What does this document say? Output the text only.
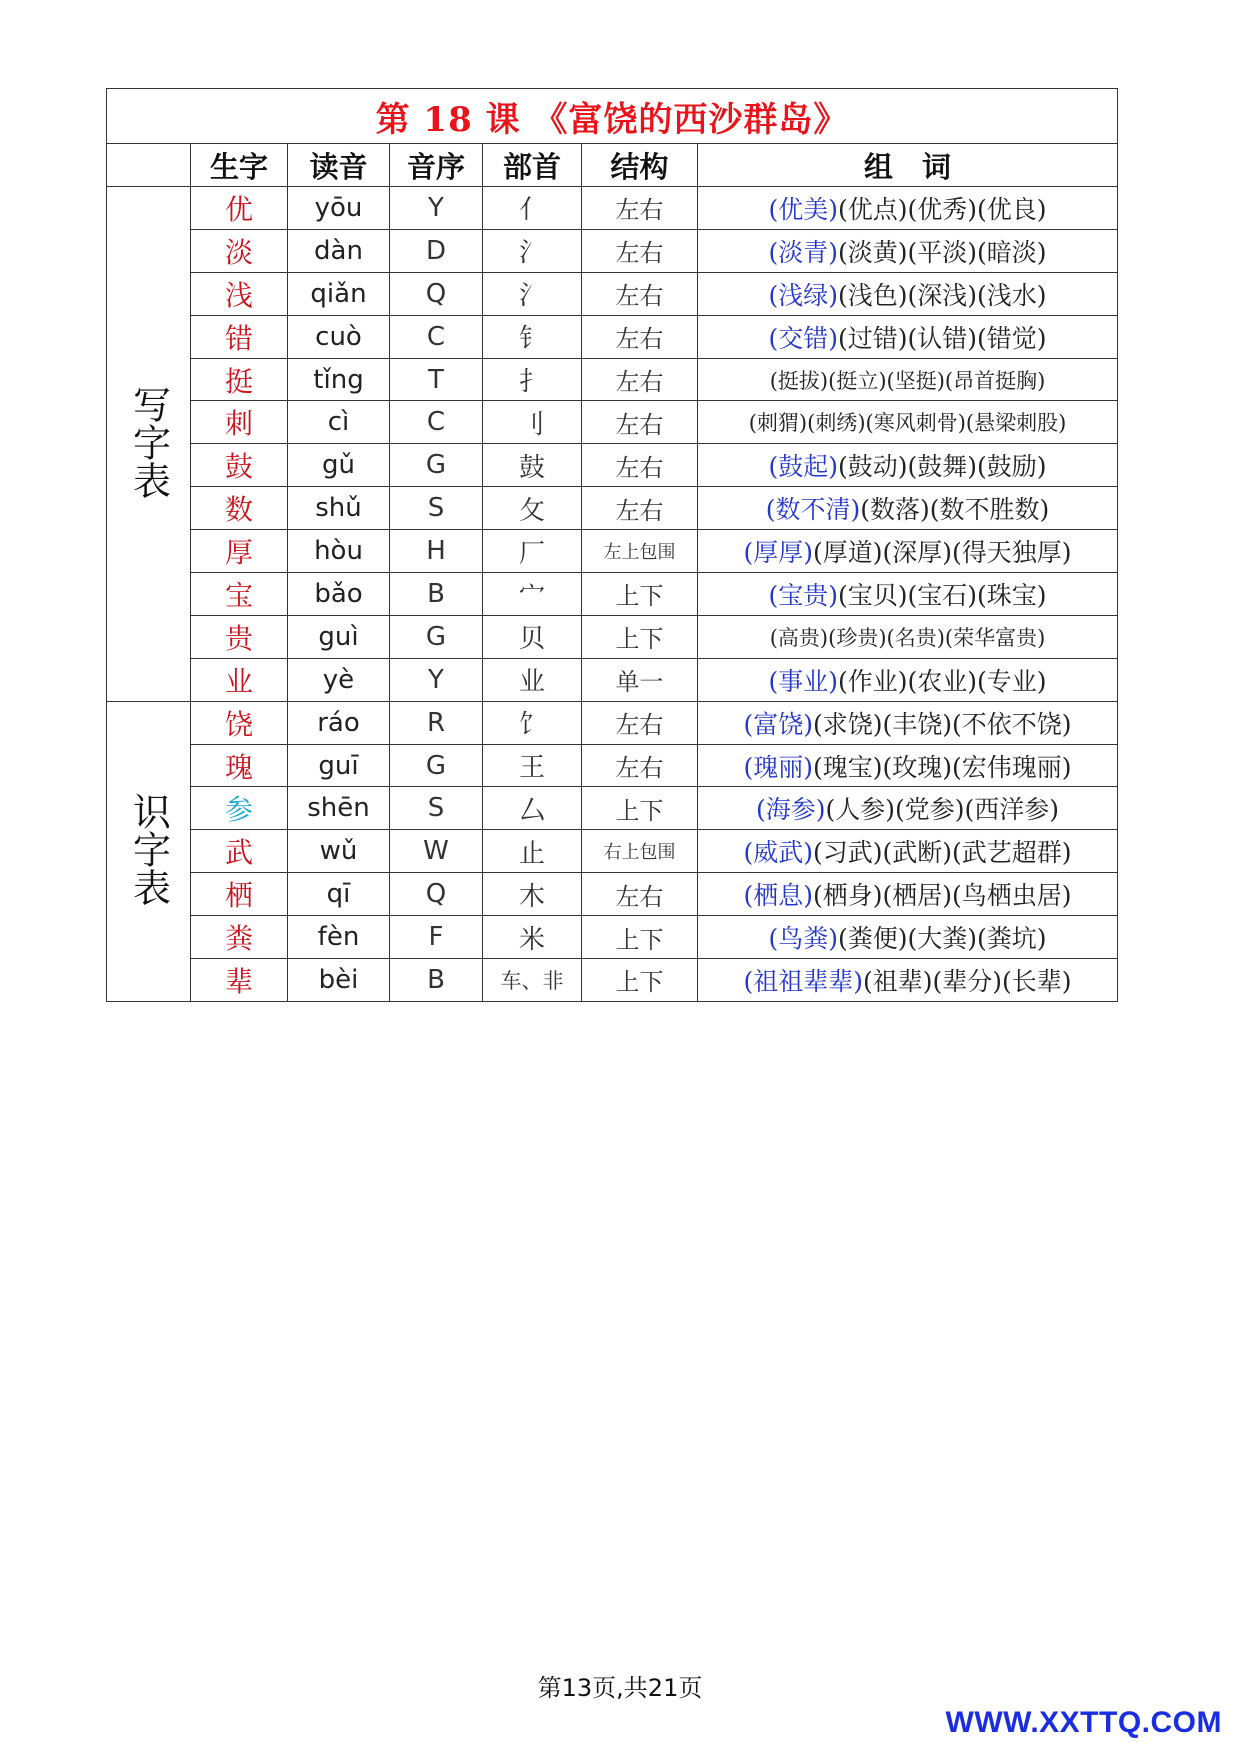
第 18 课 《富饶的西沙群岛》						
	生字	读音	音序	部首	结构	组　词
写字表	优	yōu	Y	亻	左右	(优美)(优点)(优秀)(优良)
	淡	dàn	D	氵	左右	(淡青)(淡黄)(平淡)(暗淡)
	浅	qiǎn	Q	氵	左右	(浅绿)(浅色)(深浅)(浅水)
	错	cuò	C	钅	左右	(交错)(过错)(认错)(错觉)
	挺	tǐng	T	扌	左右	(挺拔)(挺立)(坚挺)(昂首挺胸)
	刺	cì	C	刂	左右	(刺猬)(刺绣)(寒风刺骨)(悬梁刺股)
	鼓	gǔ	G	鼓	左右	(鼓起)(鼓动)(鼓舞)(鼓励)
	数	shǔ	S	攵	左右	(数不清)(数落)(数不胜数)
	厚	hòu	H	厂	左上包围	(厚厚)(厚道)(深厚)(得天独厚)
	宝	bǎo	B	宀	上下	(宝贵)(宝贝)(宝石)(珠宝)
	贵	guì	G	贝	上下	(高贵)(珍贵)(名贵)(荣华富贵)
	业	yè	Y	业	单一	(事业)(作业)(农业)(专业)
识字表	饶	ráo	R	饣	左右	(富饶)(求饶)(丰饶)(不依不饶)
	瑰	guī	G	王	左右	(瑰丽)(瑰宝)(玫瑰)(宏伟瑰丽)
	参	shēn	S	厶	上下	(海参)(人参)(党参)(西洋参)
	武	wǔ	W	止	右上包围	(威武)(习武)(武断)(武艺超群)
	栖	qī	Q	木	左右	(栖息)(栖身)(栖居)(鸟栖虫居)
	粪	fèn	F	米	上下	(鸟粪)(粪便)(大粪)(粪坑)
	辈	bèi	B	车、非	上下	(祖祖辈辈)(祖辈)(辈分)(长辈)
第13页,共21页
WWW.XXTTQ.COM
